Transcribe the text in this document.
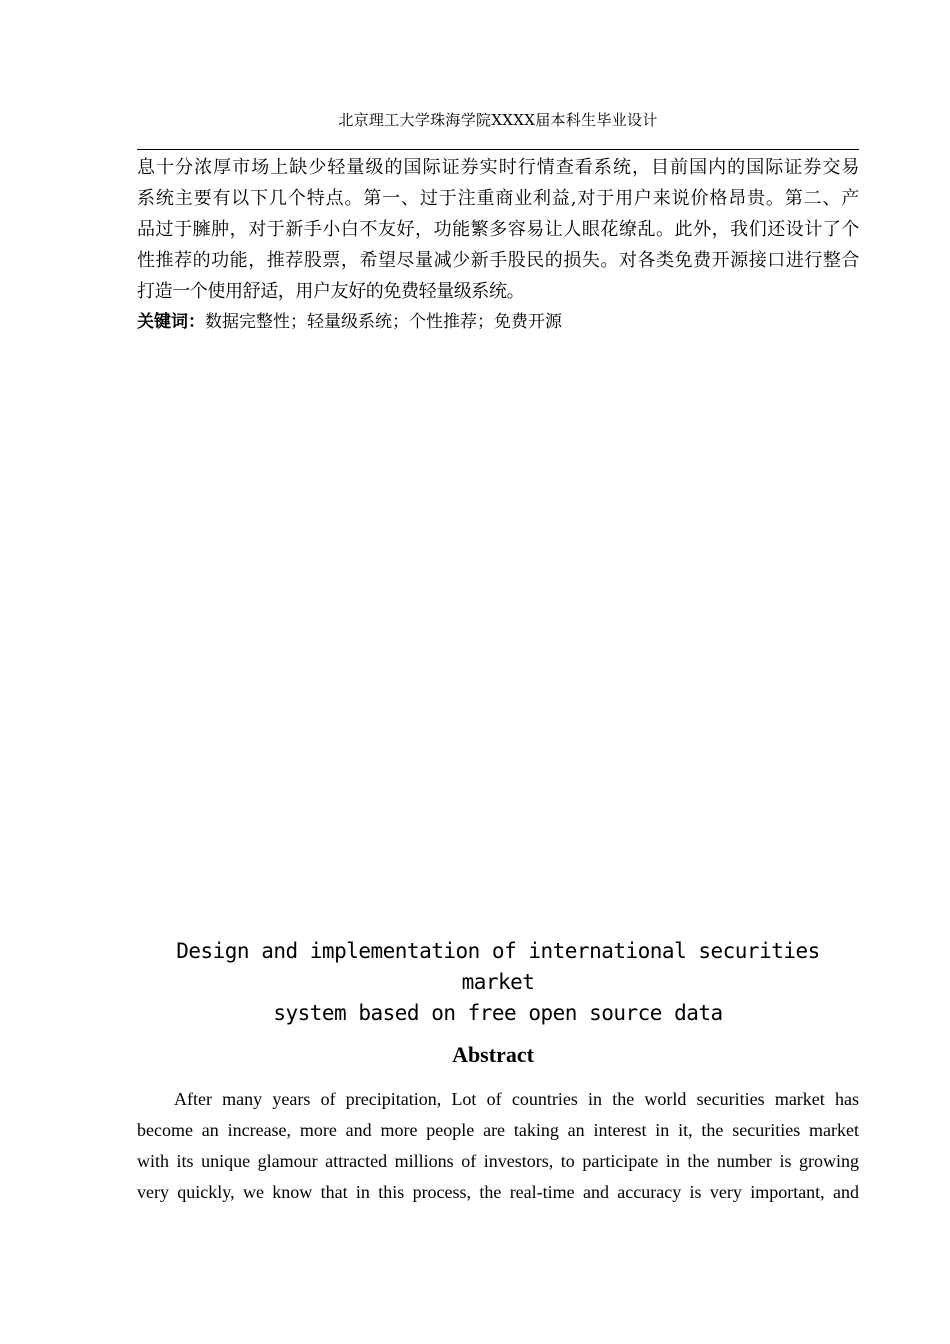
北京理工大学珠海学院XXXX届本科生毕业设计
息十分浓厚市场上缺少轻量级的国际证券实时行情查看系统，目前国内的国际证券交易
系统主要有以下几个特点。第一、过于注重商业利益,对于用户来说价格昂贵。第二、产
品过于臃肿，对于新手小白不友好，功能繁多容易让人眼花缭乱。此外，我们还设计了个
性推荐的功能，推荐股票，希望尽量减少新手股民的损失。对各类免费开源接口进行整合
打造一个使用舒适，用户友好的免费轻量级系统。
关键词：数据完整性；轻量级系统；个性推荐；免费开源
Design and implementation of international securities market
system based on free open source data
Abstract
After many years of precipitation, Lot of countries in the world securities market has
become an increase, more and more people are taking an interest in it, the securities market
with its unique glamour attracted millions of investors, to participate in the number is growing
very quickly, we know that in this process, the real-time and accuracy is very important, and
